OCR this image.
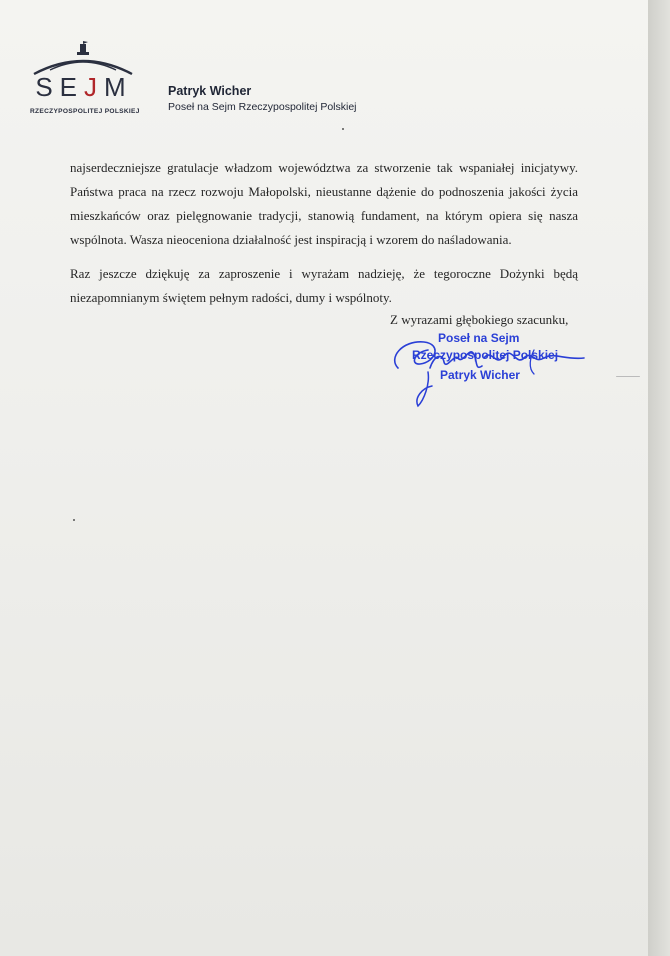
SEJM
RZECZYPOSPOLITEJ POLSKIEJ
Patryk Wicher
Poseł na Sejm Rzeczypospolitej Polskiej

najserdeczniejsze gratulacje władzom województwa za stworzenie tak wspaniałej inicjatywy. Państwa praca na rzecz rozwoju Małopolski, nieustanne dążenie do podnoszenia jakości życia mieszkańców oraz pielęgnowanie tradycji, stanowią fundament, na którym opiera się nasza wspólnota. Wasza nieoceniona działalność jest inspiracją i wzorem do naśladowania.

Raz jeszcze dziękuję za zaproszenie i wyrażam nadzieję, że tegoroczne Dożynki będą niezapomnianym świętem pełnym radości, dumy i wspólnoty.

Z wyrazami głębokiego szacunku,
Poseł na Sejm
Rzeczypospolitej Polskiej
Patryk Wicher
